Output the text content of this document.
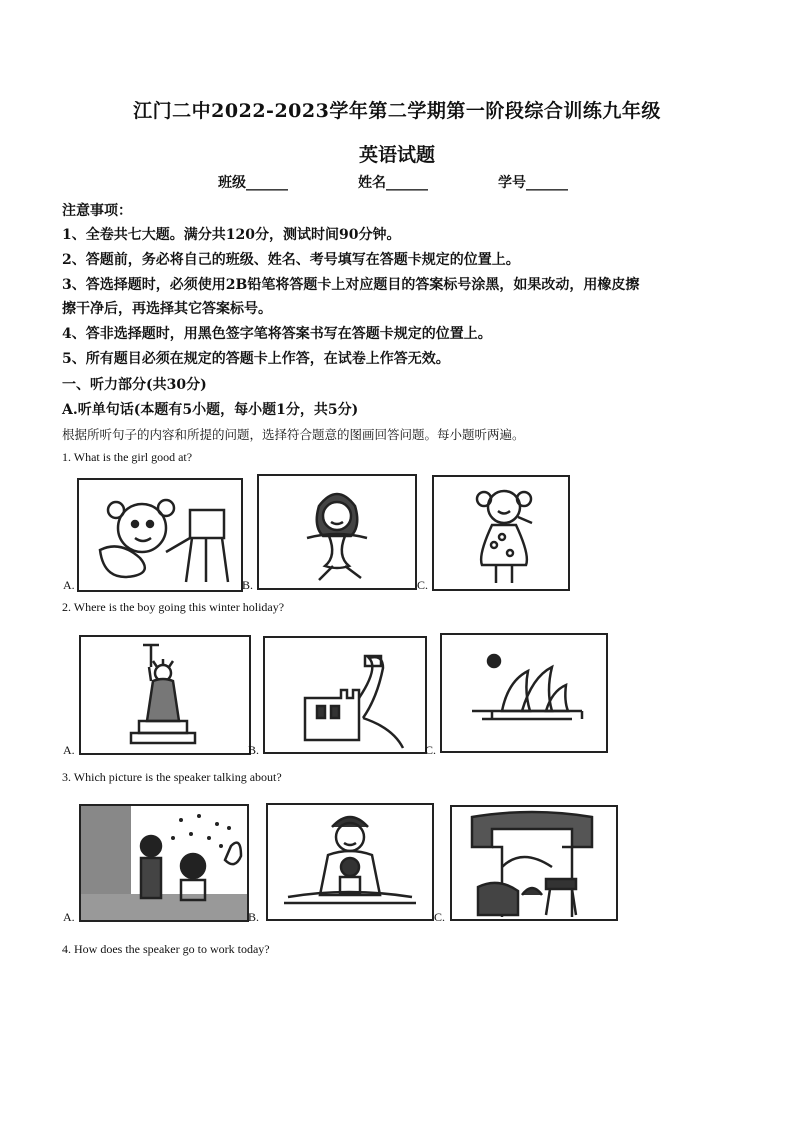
江门二中2022-2023学年第二学期第一阶段综合训练九年级
英语试题
班级______	姓名______	学号______
注意事项：
1、全卷共七大题。满分共120分，测试时间90分钟。
2、答题前，务必将自己的班级、姓名、考号填写在答题卡规定的位置上。
3、答选择题时，必须使用2B铅笔将答题卡上对应题目的答案标号涂黑，如果改动，用橡皮擦
擦干净后，再选择其它答案标号。
4、答非选择题时，用黑色签字笔将答案书写在答题卡规定的位置上。
5、所有题目必须在规定的答题卡上作答，在试卷上作答无效。
一、听力部分(共30分)
A.听单句话(本题有5小题，每小题1分，共5分)
根据所听句子的内容和所提的问题，选择符合题意的图画回答问题。每小题听两遍。
1. What is the girl good at?
A.	B.	C.
2. Where is the boy going this winter holiday?
A.	B.	C.
3. Which picture is the speaker talking about?
A.	B.	C.
4. How does the speaker go to work today?
